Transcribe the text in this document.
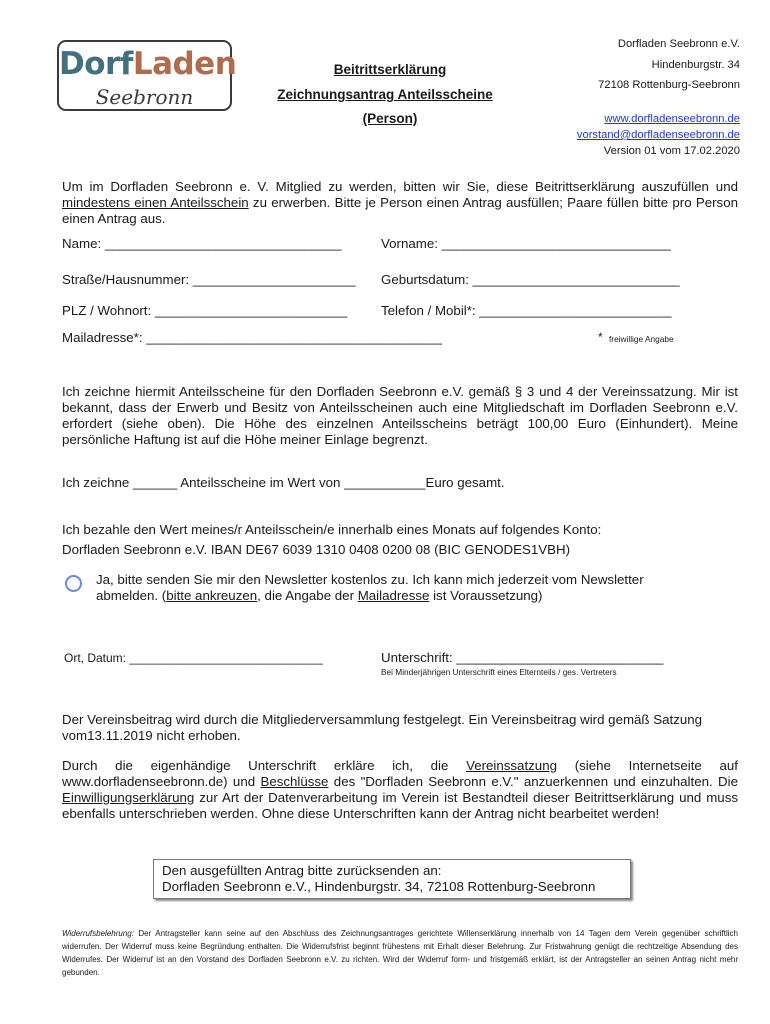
DorfLaden
Seebronn
Beitrittserklärung
Zeichnungsantrag Anteilsscheine
(Person)
Dorfladen Seebronn e.V.
Hindenburgstr. 34
72108 Rottenburg-Seebronn
www.dorfladenseebronn.de
vorstand@dorfladenseebronn.de
Version 01 vom 17.02.2020
Um im Dorfladen Seebronn e. V. Mitglied zu werden, bitten wir Sie, diese Beitrittserklärung auszufüllen und mindestens einen Anteilsschein zu erwerben. Bitte je Person einen Antrag ausfüllen; Paare füllen bitte pro Person einen Antrag aus.
Name: ________________________________	Vorname: _______________________________
Straße/Hausnummer: ______________________ Geburtsdatum: ____________________________
PLZ / Wohnort: __________________________	Telefon / Mobil*: __________________________
Mailadresse*: ________________________________________	* freiwillige Angabe
Ich zeichne hiermit Anteilsscheine für den Dorfladen Seebronn e.V. gemäß § 3 und 4 der Vereinssatzung. Mir ist bekannt, dass der Erwerb und Besitz von Anteilsscheinen auch eine Mitgliedschaft im Dorfladen Seebronn e.V. erfordert (siehe oben). Die Höhe des einzelnen Anteilsscheins beträgt 100,00 Euro (Einhundert). Meine persönliche Haftung ist auf die Höhe meiner Einlage begrenzt.
Ich zeichne ______ Anteilsscheine im Wert von ___________Euro gesamt.
Ich bezahle den Wert meines/r Anteilsschein/e innerhalb eines Monats auf folgendes Konto:
Dorfladen Seebronn e.V. IBAN DE67 6039 1310 0408 0200 08 (BIC GENODES1VBH)
Ja, bitte senden Sie mir den Newsletter kostenlos zu. Ich kann mich jederzeit vom Newsletter abmelden. (bitte ankreuzen, die Angabe der Mailadresse ist Voraussetzung)
Ort, Datum: _____________________________	Unterschrift: ____________________________
Bei Minderjährigen Unterschrift eines Elternteils / ges. Vertreters
Der Vereinsbeitrag wird durch die Mitgliederversammlung festgelegt. Ein Vereinsbeitrag wird gemäß Satzung vom13.11.2019 nicht erhoben.
Durch die eigenhändige Unterschrift erkläre ich, die Vereinssatzung (siehe Internetseite auf www.dorfladenseebronn.de) und Beschlüsse des "Dorfladen Seebronn e.V." anzuerkennen und einzuhalten. Die Einwilligungserklärung zur Art der Datenverarbeitung im Verein ist Bestandteil dieser Beitrittserklärung und muss ebenfalls unterschrieben werden. Ohne diese Unterschriften kann der Antrag nicht bearbeitet werden!
Den ausgefüllten Antrag bitte zurücksenden an:
Dorfladen Seebronn e.V., Hindenburgstr. 34, 72108 Rottenburg-Seebronn
Widerrufsbelehrung: Der Antragsteller kann seine auf den Abschluss des Zeichnungsantrages gerichtete Willenserklärung innerhalb von 14 Tagen dem Verein gegenüber schriftlich widerrufen. Der Widerruf muss keine Begründung enthalten. Die Widerrufsfrist beginnt frühestens mit Erhalt dieser Belehrung. Zur Fristwahrung genügt die rechtzeitige Absendung des Widerrufes. Der Widerruf ist an den Vorstand des Dorfladen Seebronn e.V. zu richten. Wird der Widerruf form- und fristgemäß erklärt, ist der Antragsteller an seinen Antrag nicht mehr gebunden.
